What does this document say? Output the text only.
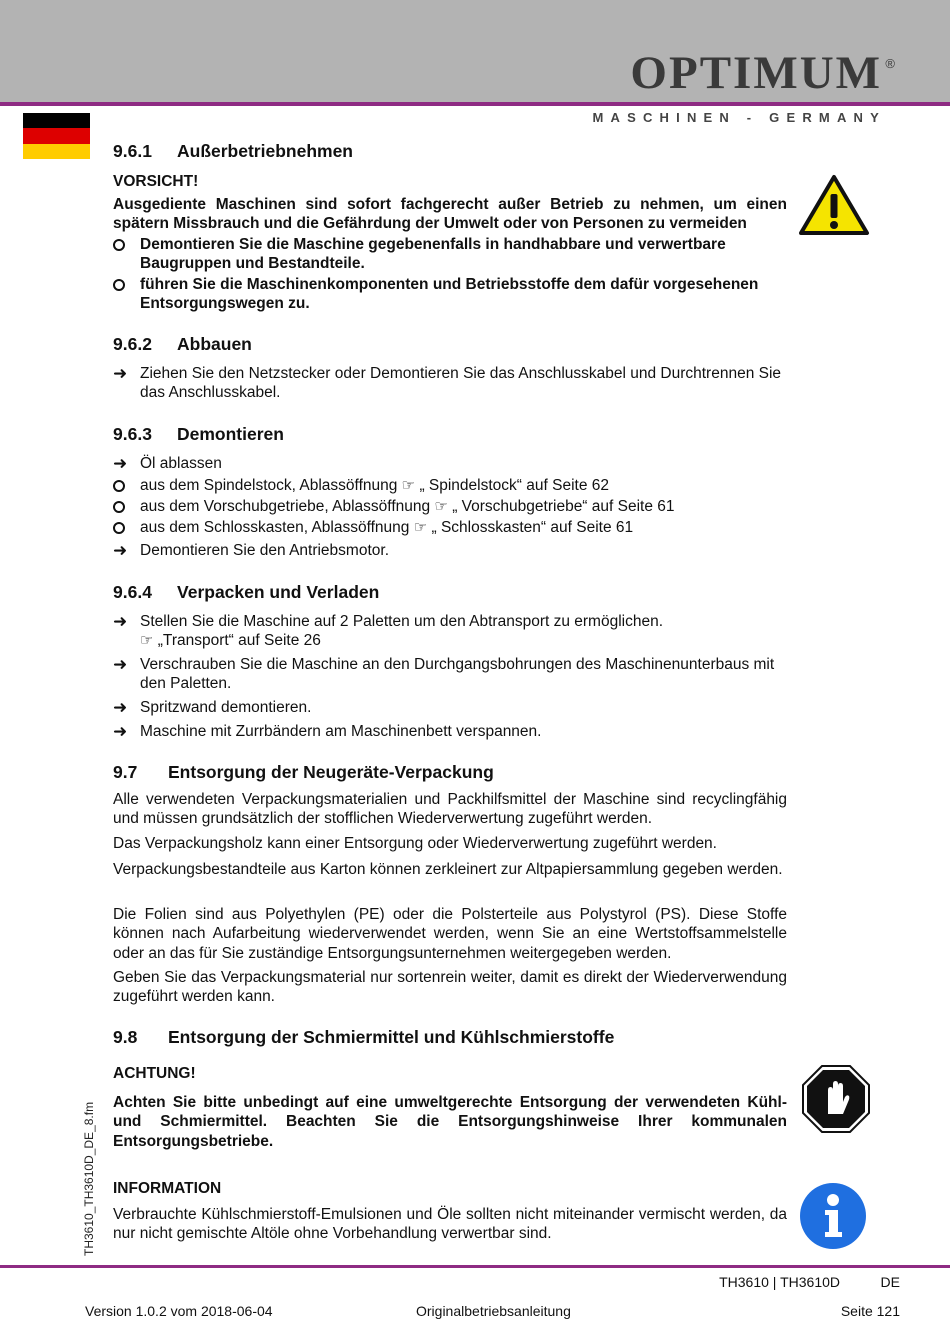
OPTIMUM ®
MASCHINEN - GERMANY
9.6.1 Außerbetriebnehmen
VORSICHT!
Ausgediente Maschinen sind sofort fachgerecht außer Betrieb zu nehmen, um einen spätern Missbrauch und die Gefährdung der Umwelt oder von Personen zu vermeiden
Demontieren Sie die Maschine gegebenenfalls in handhabbare und verwertbare Baugruppen und Bestandteile.
führen Sie die Maschinenkomponenten und Betriebsstoffe dem dafür vorgesehenen Entsorgungswegen zu.
9.6.2 Abbauen
➜ Ziehen Sie den Netzstecker oder Demontieren Sie das Anschlusskabel und Durchtrennen Sie das Anschlusskabel.
9.6.3 Demontieren
➜ Öl ablassen
aus dem Spindelstock, Ablassöffnung ☞ „ Spindelstock“ auf Seite 62
aus dem Vorschubgetriebe, Ablassöffnung ☞ „ Vorschubgetriebe“ auf Seite 61
aus dem Schlosskasten, Ablassöffnung ☞ „ Schlosskasten“ auf Seite 61
➜ Demontieren Sie den Antriebsmotor.
9.6.4 Verpacken und Verladen
➜ Stellen Sie die Maschine auf 2 Paletten um den Abtransport zu ermöglichen.
☞ „Transport“ auf Seite 26
➜ Verschrauben Sie die Maschine an den Durchgangsbohrungen des Maschinenunterbaus mit den Paletten.
➜ Spritzwand demontieren.
➜ Maschine mit Zurrbändern am Maschinenbett verspannen.
9.7 Entsorgung der Neugeräte-Verpackung
Alle verwendeten Verpackungsmaterialien und Packhilfsmittel der Maschine sind recyclingfähig und müssen grundsätzlich der stofflichen Wiederverwertung zugeführt werden.
Das Verpackungsholz kann einer Entsorgung oder Wiederverwertung zugeführt werden.
Verpackungsbestandteile aus Karton können zerkleinert zur Altpapiersammlung gegeben werden.
Die Folien sind aus Polyethylen (PE) oder die Polsterteile aus Polystyrol (PS). Diese Stoffe können nach Aufarbeitung wiederverwendet werden, wenn Sie an eine Wertstoffsammelstelle oder an das für Sie zuständige Entsorgungsunternehmen weitergegeben werden.
Geben Sie das Verpackungsmaterial nur sortenrein weiter, damit es direkt der Wiederverwendung zugeführt werden kann.
9.8 Entsorgung der Schmiermittel und Kühlschmierstoffe
ACHTUNG!
Achten Sie bitte unbedingt auf eine umweltgerechte Entsorgung der verwendeten Kühl- und Schmiermittel. Beachten Sie die Entsorgungshinweise Ihrer kommunalen Entsorgungsbetriebe.
INFORMATION
Verbrauchte Kühlschmierstoff-Emulsionen und Öle sollten nicht miteinander vermischt werden, da nur nicht gemischte Altöle ohne Vorbehandlung verwertbar sind.
TH3610_TH3610D_DE_8.fm
TH3610 | TH3610D	DE
Version 1.0.2 vom 2018-06-04	Originalbetriebsanleitung	Seite 121
